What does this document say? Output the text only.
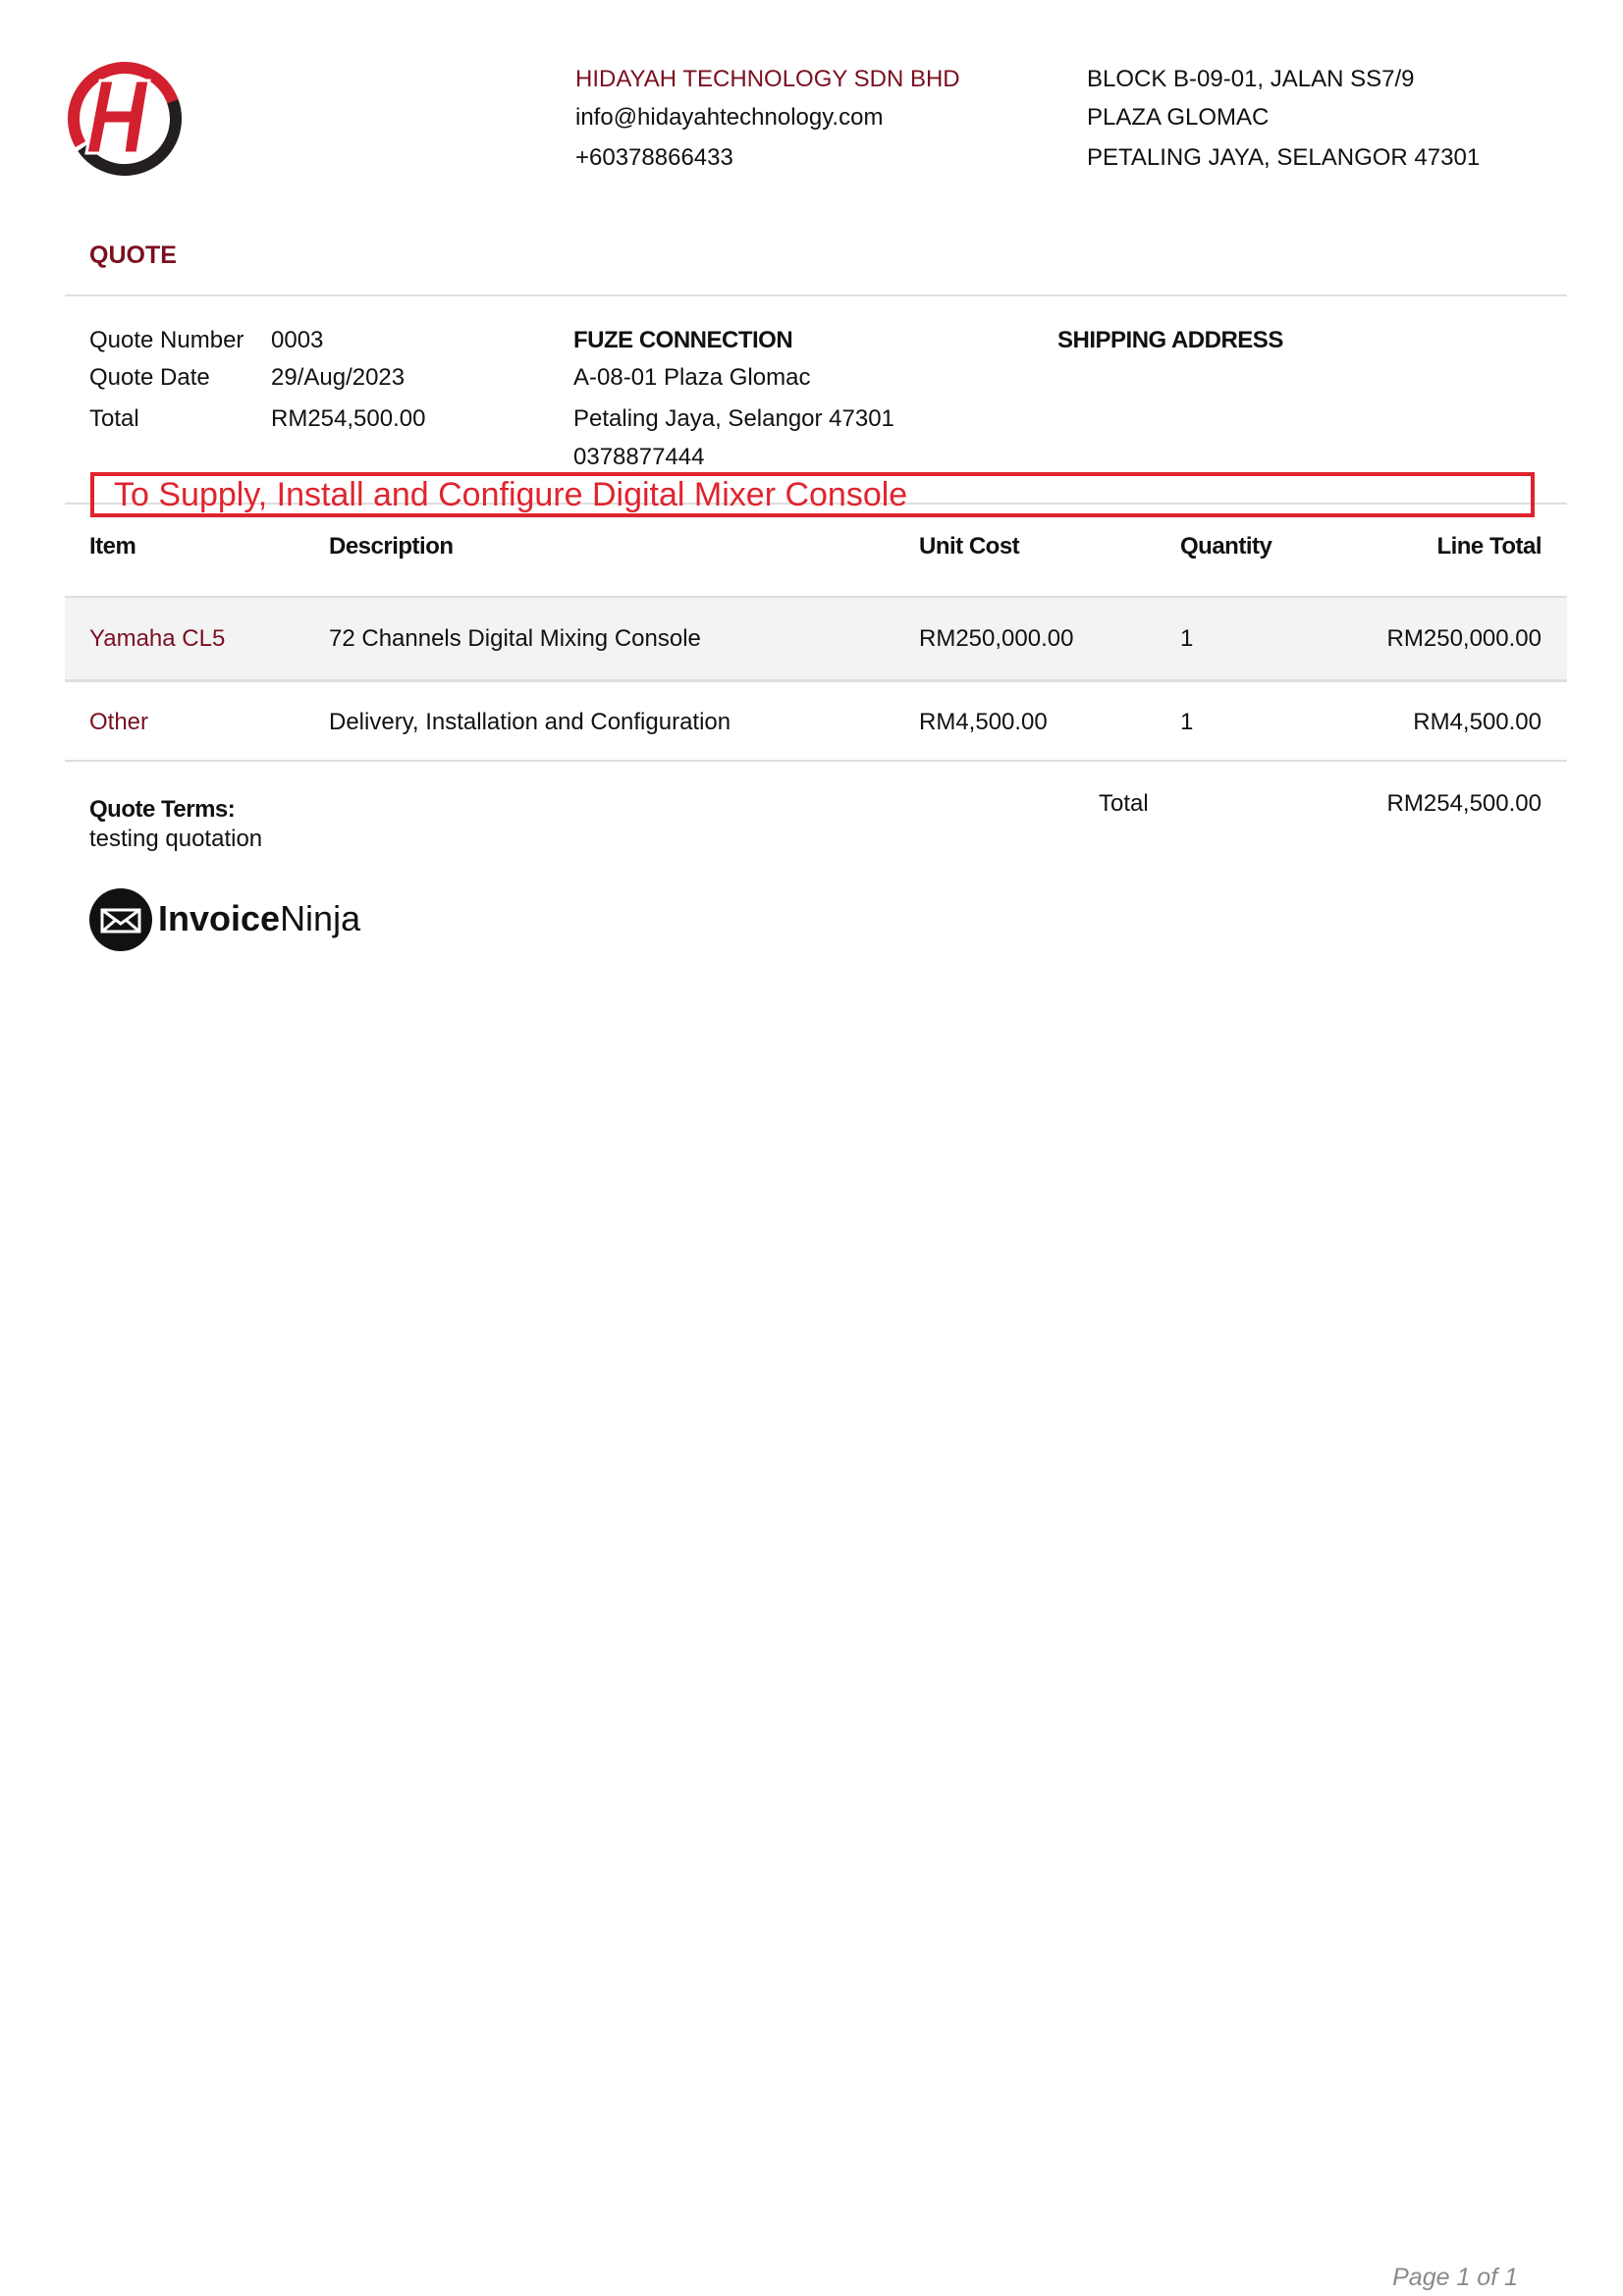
HIDAYAH TECHNOLOGY SDN BHD
info@hidayahtechnology.com
+60378866433
BLOCK B-09-01, JALAN SS7/9
PLAZA GLOMAC
PETALING JAYA, SELANGOR 47301
QUOTE
Quote Number 0003
Quote Date	29/Aug/2023
Total	RM254,500.00
FUZE CONNECTION
A-08-01 Plaza Glomac
Petaling Jaya, Selangor 47301
0378877444
SHIPPING ADDRESS
To Supply, Install and Configure Digital Mixer Console
Item	Description	Unit Cost	Quantity	Line Total
Yamaha CL5	72 Channels Digital Mixing Console	RM250,000.00	1	RM250,000.00
Other	Delivery, Installation and Configuration	RM4,500.00	1	RM4,500.00
Total	RM254,500.00
Quote Terms:
testing quotation
InvoiceNinja
Page 1 of 1
